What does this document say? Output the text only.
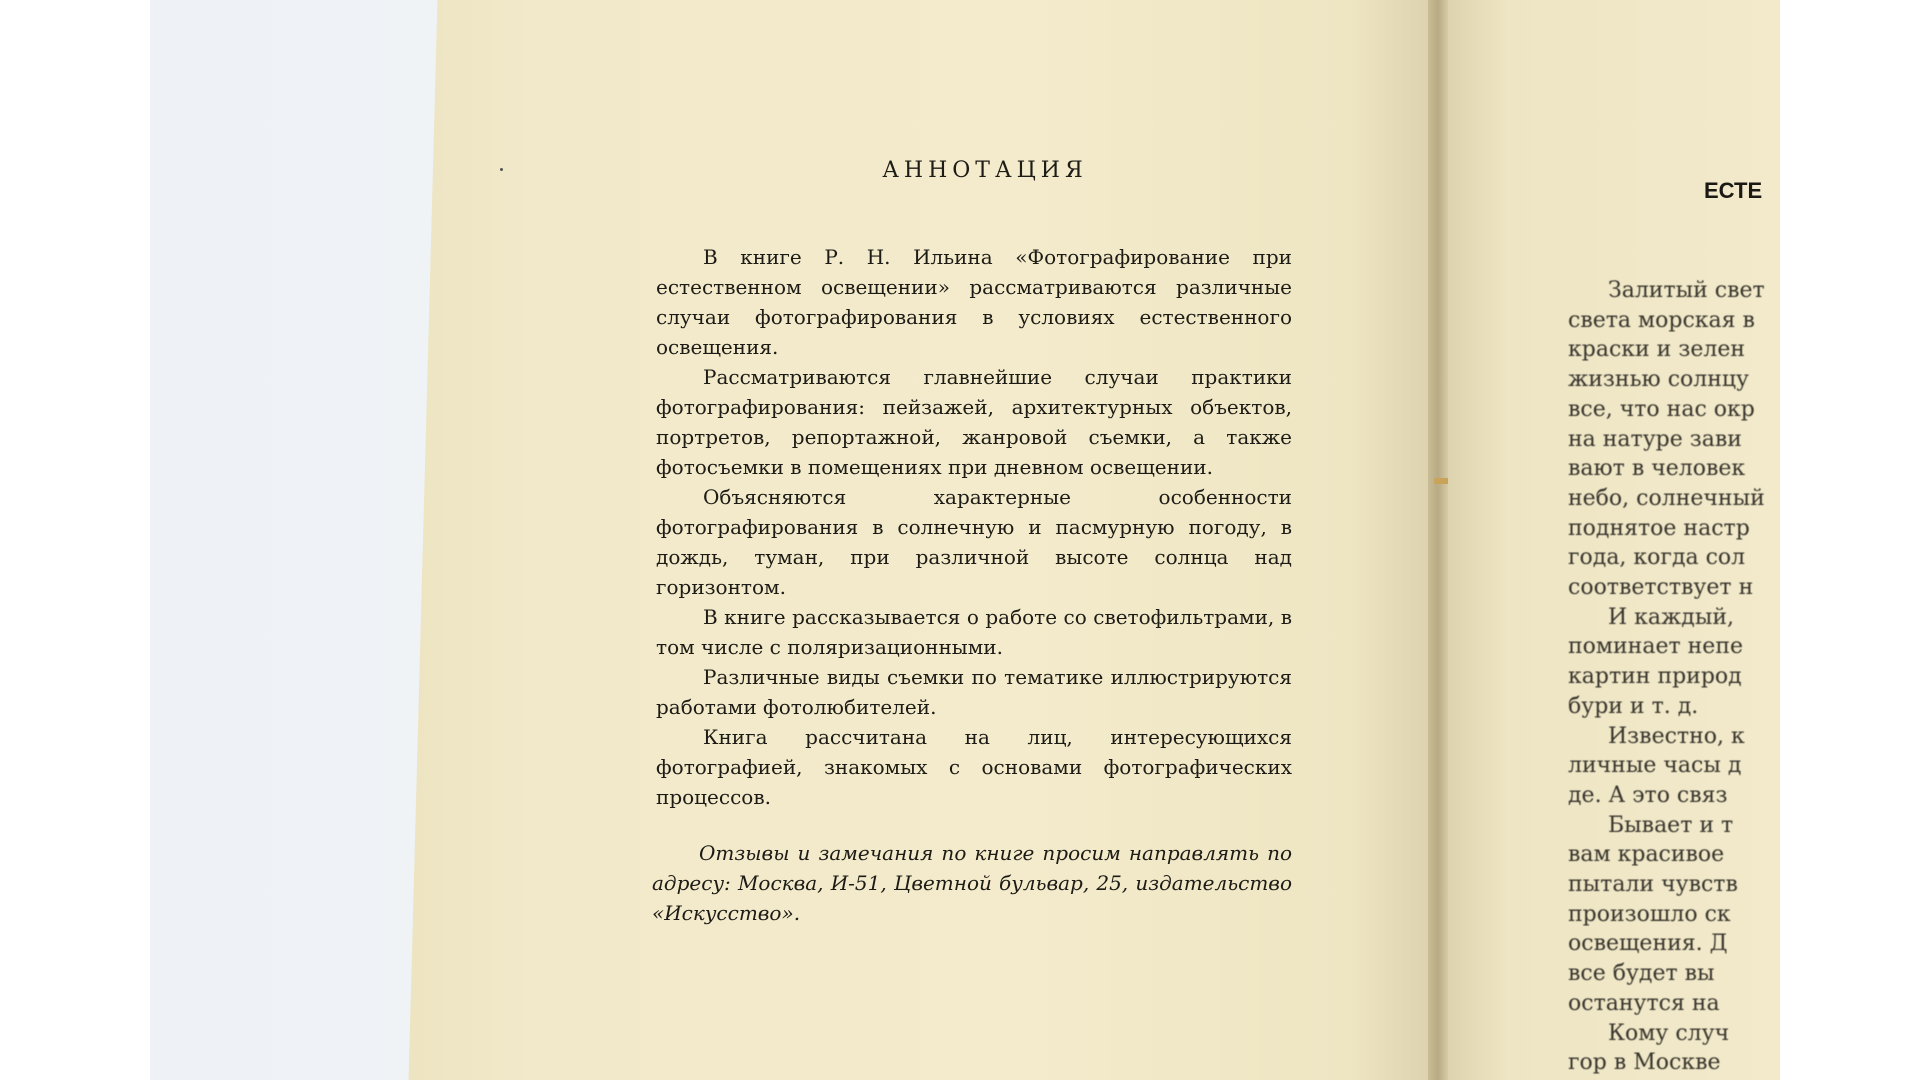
АННОТАЦИЯ

В книге Р. Н. Ильина «Фотографирование при естественном освещении» рассматриваются различные случаи фотографирования в условиях естественного освещения.

Рассматриваются главнейшие случаи практики фотографирования: пейзажей, архитектурных объектов, портретов, репортажной, жанровой съемки, а также фотосъемки в помещениях при дневном освещении.

Объясняются характерные особенности фотографирования в солнечную и пасмурную погоду, в дождь, туман, при различной высоте солнца над горизонтом.

В книге рассказывается о работе со светофильтрами, в том числе с поляризационными.

Различные виды съемки по тематике иллюстрируются работами фотолюбителей.

Книга рассчитана на лиц, интересующихся фотографией, знакомых с основами фотографических процессов.

Отзывы и замечания по книге просим направлять по адресу: Москва, И-51, Цветной бульвар, 25, издательство «Искусство».

ЕСТЕ
Залитый свет
света морская в
краски и зелен
жизнью солнцу
все, что нас окр
на натуре зави
вают в человек
небо, солнечный
поднятое настр
года, когда сол
соответствует н
И каждый,
поминает непе
картин природ
бури и т. д.
Известно, к
личные часы д
де. А это связ
Бывает и т
вам красивое
пытали чувств
произошло ск
освещения. Д
все будет вы
останутся на
Кому случ
гор в Москве
